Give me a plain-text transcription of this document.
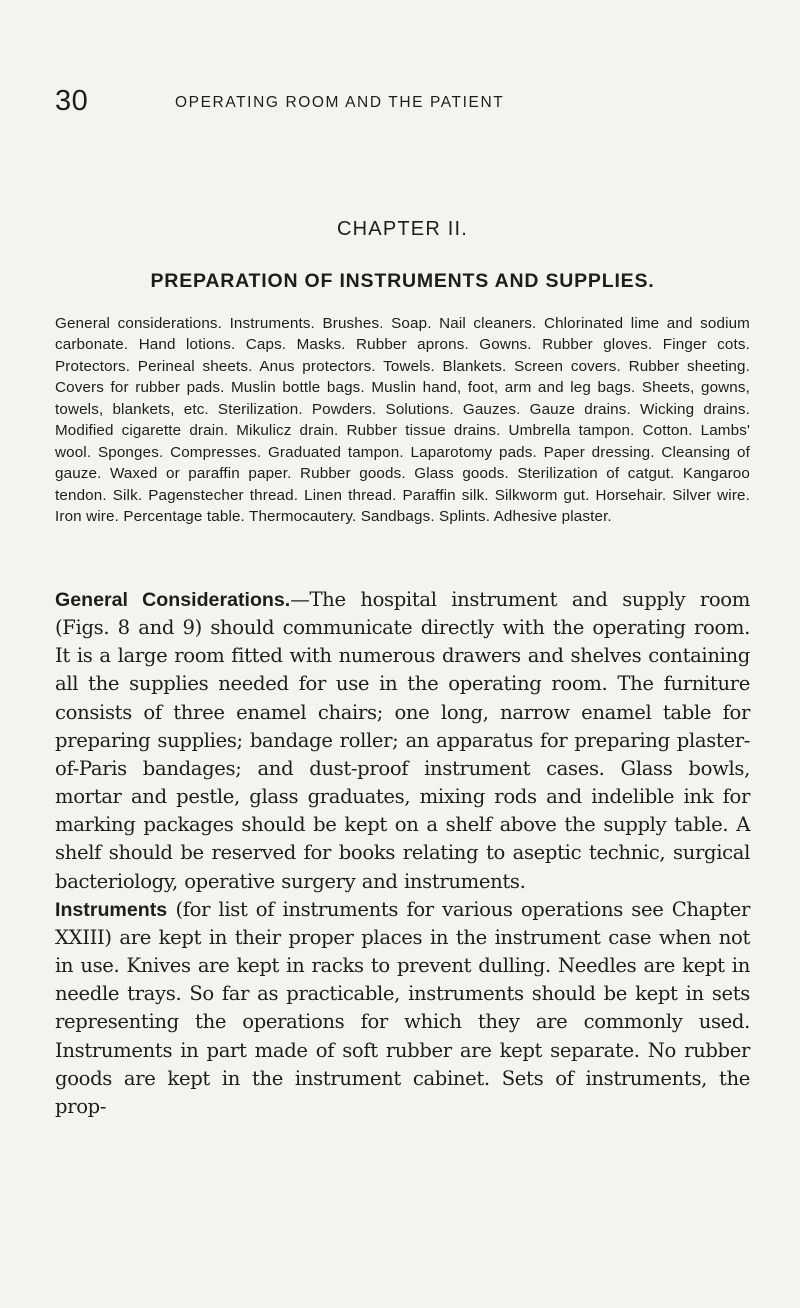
30	OPERATING ROOM AND THE PATIENT
CHAPTER II.
PREPARATION OF INSTRUMENTS AND SUPPLIES.

General considerations. Instruments. Brushes. Soap. Nail cleaners. Chlorinated lime and sodium carbonate. Hand lotions. Caps. Masks. Rubber aprons. Gowns. Rubber gloves. Finger cots. Protectors. Perineal sheets. Anus protectors. Towels. Blankets. Screen covers. Rubber sheeting. Covers for rubber pads. Muslin bottle bags. Muslin hand, foot, arm and leg bags. Sheets, gowns, towels, blankets, etc. Sterilization. Powders. Solutions. Gauzes. Gauze drains. Wicking drains. Modified cigarette drain. Mikulicz drain. Rubber tissue drains. Umbrella tampon. Cotton. Lambs' wool. Sponges. Compresses. Graduated tampon. Laparotomy pads. Paper dressing. Cleansing of gauze. Waxed or paraffin paper. Rubber goods. Glass goods. Sterilization of catgut. Kangaroo tendon. Silk. Pagenstecher thread. Linen thread. Paraffin silk. Silkworm gut. Horsehair. Silver wire. Iron wire. Percentage table. Thermocautery. Sandbags. Splints. Adhesive plaster.

General Considerations.—The hospital instrument and supply room (Figs. 8 and 9) should communicate directly with the operating room. It is a large room fitted with numerous drawers and shelves containing all the supplies needed for use in the operating room. The furniture consists of three enamel chairs; one long, narrow enamel table for preparing supplies; bandage roller; an apparatus for preparing plaster-of-Paris bandages; and dust-proof instrument cases. Glass bowls, mortar and pestle, glass graduates, mixing rods and indelible ink for marking packages should be kept on a shelf above the supply table. A shelf should be reserved for books relating to aseptic technic, surgical bacteriology, operative surgery and instruments.

Instruments (for list of instruments for various operations see Chapter XXIII) are kept in their proper places in the instrument case when not in use. Knives are kept in racks to prevent dulling. Needles are kept in needle trays. So far as practicable, instruments should be kept in sets representing the operations for which they are commonly used. Instruments in part made of soft rubber are kept separate. No rubber goods are kept in the instrument cabinet. Sets of instruments, the prop-
